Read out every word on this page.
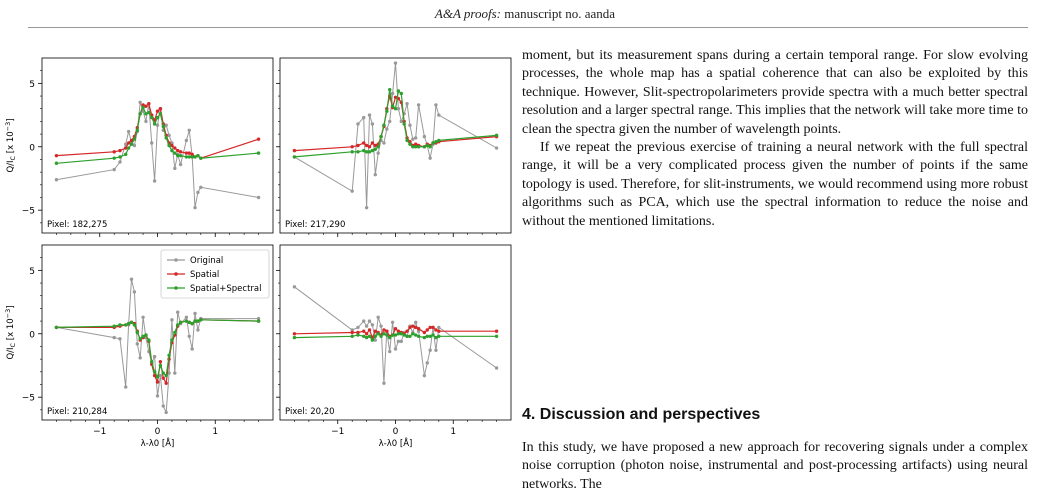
A&A proofs: manuscript no. aanda
−5
0
5
Pixel: 182,275
$Q/I_C$ [x $10^{-3}$]
Pixel: 217,290
−5
0
5
−1	0	1
Pixel: 210,284
$Q/I_C$ [x $10^{-3}$]
λ-λ0 [Å]
−1	0	1
Pixel: 20,20
λ-λ0 [Å]
Original
Spatial
Spatial+Spectral

moment, but its measurement spans during a certain temporal range. For slow evolving processes, the whole map has a spatial coherence that can also be exploited by this technique. However, Slit-spectropolarimeters provide spectra with a much better spectral resolution and a larger spectral range. This implies that the network will take more time to clean the spectra given the number of wavelength points.

If we repeat the previous exercise of training a neural network with the full spectral range, it will be a very complicated process given the number of points if the same topology is used. Therefore, for slit-instruments, we would recommend using more robust algorithms such as PCA, which use the spectral information to reduce the noise and without the mentioned limitations.

4. Discussion and perspectives

In this study, we have proposed a new approach for recovering signals under a complex noise corruption (photon noise, instrumental and post-processing artifacts) using neural networks. The
